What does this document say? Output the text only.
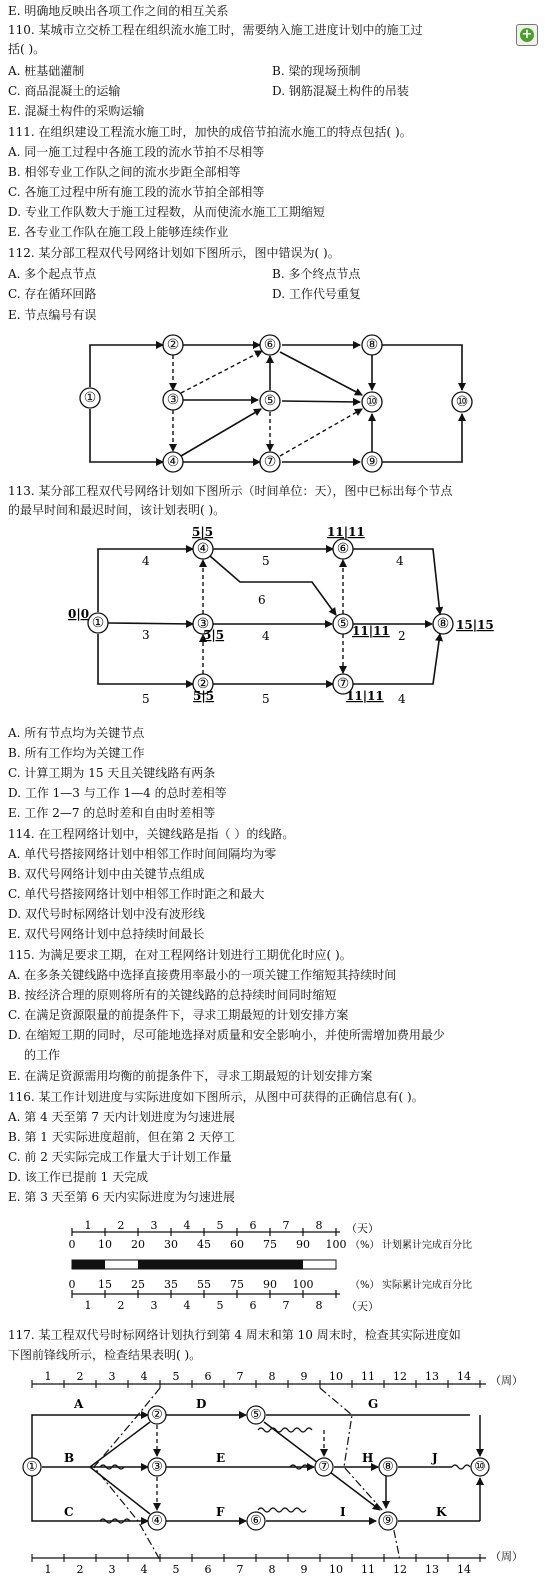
E. 明确地反映出各项工作之间的相互关系
110. 某城市立交桥工程在组织流水施工时，需要纳入施工进度计划中的施工过	+
括( )。
A. 桩基础灌制	B. 梁的现场预制
C. 商品混凝土的运输	D. 钢筋混凝土构件的吊装
E. 混凝土构件的采购运输
111. 在组织建设工程流水施工时，加快的成倍节拍流水施工的特点包括( )。
A. 同一施工过程中各施工段的流水节拍不尽相等
B. 相邻专业工作队之间的流水步距全部相等
C. 各施工过程中所有施工段的流水节拍全部相等
D. 专业工作队数大于施工过程数，从而使流水施工工期缩短
E. 各专业工作队在施工段上能够连续作业
112. 某分部工程双代号网络计划如下图所示，图中错误为( )。
A. 多个起点节点	B. 多个终点节点
C. 存在循环回路	D. 工作代号重复
E. 节点编号有误
①
②
③
④
⑤
⑥
⑦
⑧
⑨
⑩	⑩
113. 某分部工程双代号网络计划如下图所示（时间单位：天），图中已标出每个节点
的最早时间和最迟时间，该计划表明( )。
①
②
③
④
⑤
⑥
⑦
⑧
0|0
5|5
5|5
5|5
11|11
11|11
11|11
15|15
4
3
5
5
6
4
5
4
2
4
A. 所有节点均为关键节点
B. 所有工作均为关键工作
C. 计算工期为 15 天且关键线路有两条
D. 工作 1—3 与工作 1—4 的总时差相等
E. 工作 2—7 的总时差和自由时差相等
114. 在工程网络计划中，关键线路是指（ ）的线路。
A. 单代号搭接网络计划中相邻工作时间间隔均为零
B. 双代号网络计划中由关键节点组成
C. 单代号搭接网络计划中相邻工作时距之和最大
D. 双代号时标网络计划中没有波形线
E. 双代号网络计划中总持续时间最长
115. 为满足要求工期，在对工程网络计划进行工期优化时应( )。
A. 在多条关键线路中选择直接费用率最小的一项关键工作缩短其持续时间
B. 按经济合理的原则将所有的关键线路的总持续时间同时缩短
C. 在满足资源限量的前提条件下，寻求工期最短的计划安排方案
D. 在缩短工期的同时，尽可能地选择对质量和安全影响小，并使所需增加费用最少
的工作
E. 在满足资源需用均衡的前提条件下，寻求工期最短的计划安排方案
116. 某工作计划进度与实际进度如下图所示，从图中可获得的正确信息有( )。
A. 第 4 天至第 7 天内计划进度为匀速进展
B. 第 1 天实际进度超前，但在第 2 天停工
C. 前 2 天实际完成工作量大于计划工作量
D. 该工作已提前 1 天完成
E. 第 3 天至第 6 天内实际进度为匀速进展
1 2 3 4 5 6 7 8 （天）
0 10 20 30 45 60 75 90 100 （%） 计划累计完成百分比
0 15 25 35 55 75 90 100	（%） 实际累计完成百分比
1 2 3 4 5 6 7 8 （天）
117. 某工程双代号时标网络计划执行到第 4 周末和第 10 周末时，检查其实际进度如
下图前锋线所示，检查结果表明( )。
1 2 3 4 5 6 7 8 9 10 11 12 13 14 （周）
①
②
③
④
⑤
⑥
⑦	⑧
⑨
⑩
A
B
C
D
E
F
G
H
I
J
K
1 2 3 4 5 6 7 8 9 10 11 12 13 14
（周）
